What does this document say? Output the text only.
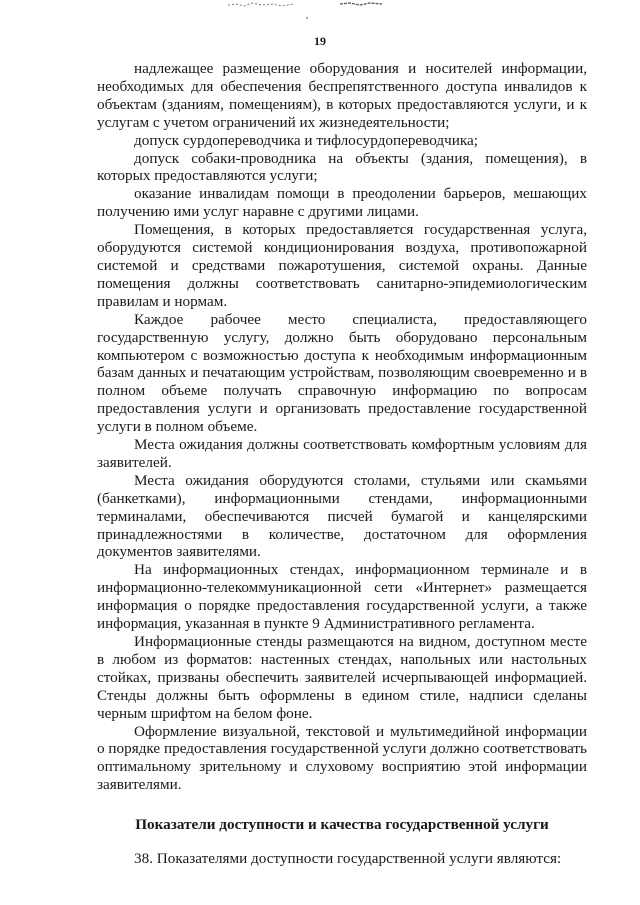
19

надлежащее размещение оборудования и носителей информации, необходимых для обеспечения беспрепятственного доступа инвалидов к объектам (зданиям, помещениям), в которых предоставляются услуги, и к услугам с учетом ограничений их жизнедеятельности;

допуск сурдопереводчика и тифлосурдопереводчика;

допуск собаки-проводника на объекты (здания, помещения), в которых предоставляются услуги;

оказание инвалидам помощи в преодолении барьеров, мешающих получению ими услуг наравне с другими лицами.

Помещения, в которых предоставляется государственная услуга, оборудуются системой кондиционирования воздуха, противопожарной системой и средствами пожаротушения, системой охраны. Данные помещения должны соответствовать санитарно-эпидемиологическим правилам и нормам.

Каждое рабочее место специалиста, предоставляющего государственную услугу, должно быть оборудовано персональным компьютером с возможностью доступа к необходимым информационным базам данных и печатающим устройствам, позволяющим своевременно и в полном объеме получать справочную информацию по вопросам предоставления услуги и организовать предоставление государственной услуги в полном объеме.

Места ожидания должны соответствовать комфортным условиям для заявителей.

Места ожидания оборудуются столами, стульями или скамьями (банкетками), информационными стендами, информационными терминалами, обеспечиваются писчей бумагой и канцелярскими принадлежностями в количестве, достаточном для оформления документов заявителями.

На информационных стендах, информационном терминале и в информационно-телекоммуникационной сети «Интернет» размещается информация о порядке предоставления государственной услуги, а также информация, указанная в пункте 9 Административного регламента.

Информационные стенды размещаются на видном, доступном месте в любом из форматов: настенных стендах, напольных или настольных стойках, призваны обеспечить заявителей исчерпывающей информацией. Стенды должны быть оформлены в едином стиле, надписи сделаны черным шрифтом на белом фоне.

Оформление визуальной, текстовой и мультимедийной информации о порядке предоставления государственной услуги должно соответствовать оптимальному зрительному и слуховому восприятию этой информации заявителями.

Показатели доступности и качества государственной услуги

38. Показателями доступности государственной услуги являются:
